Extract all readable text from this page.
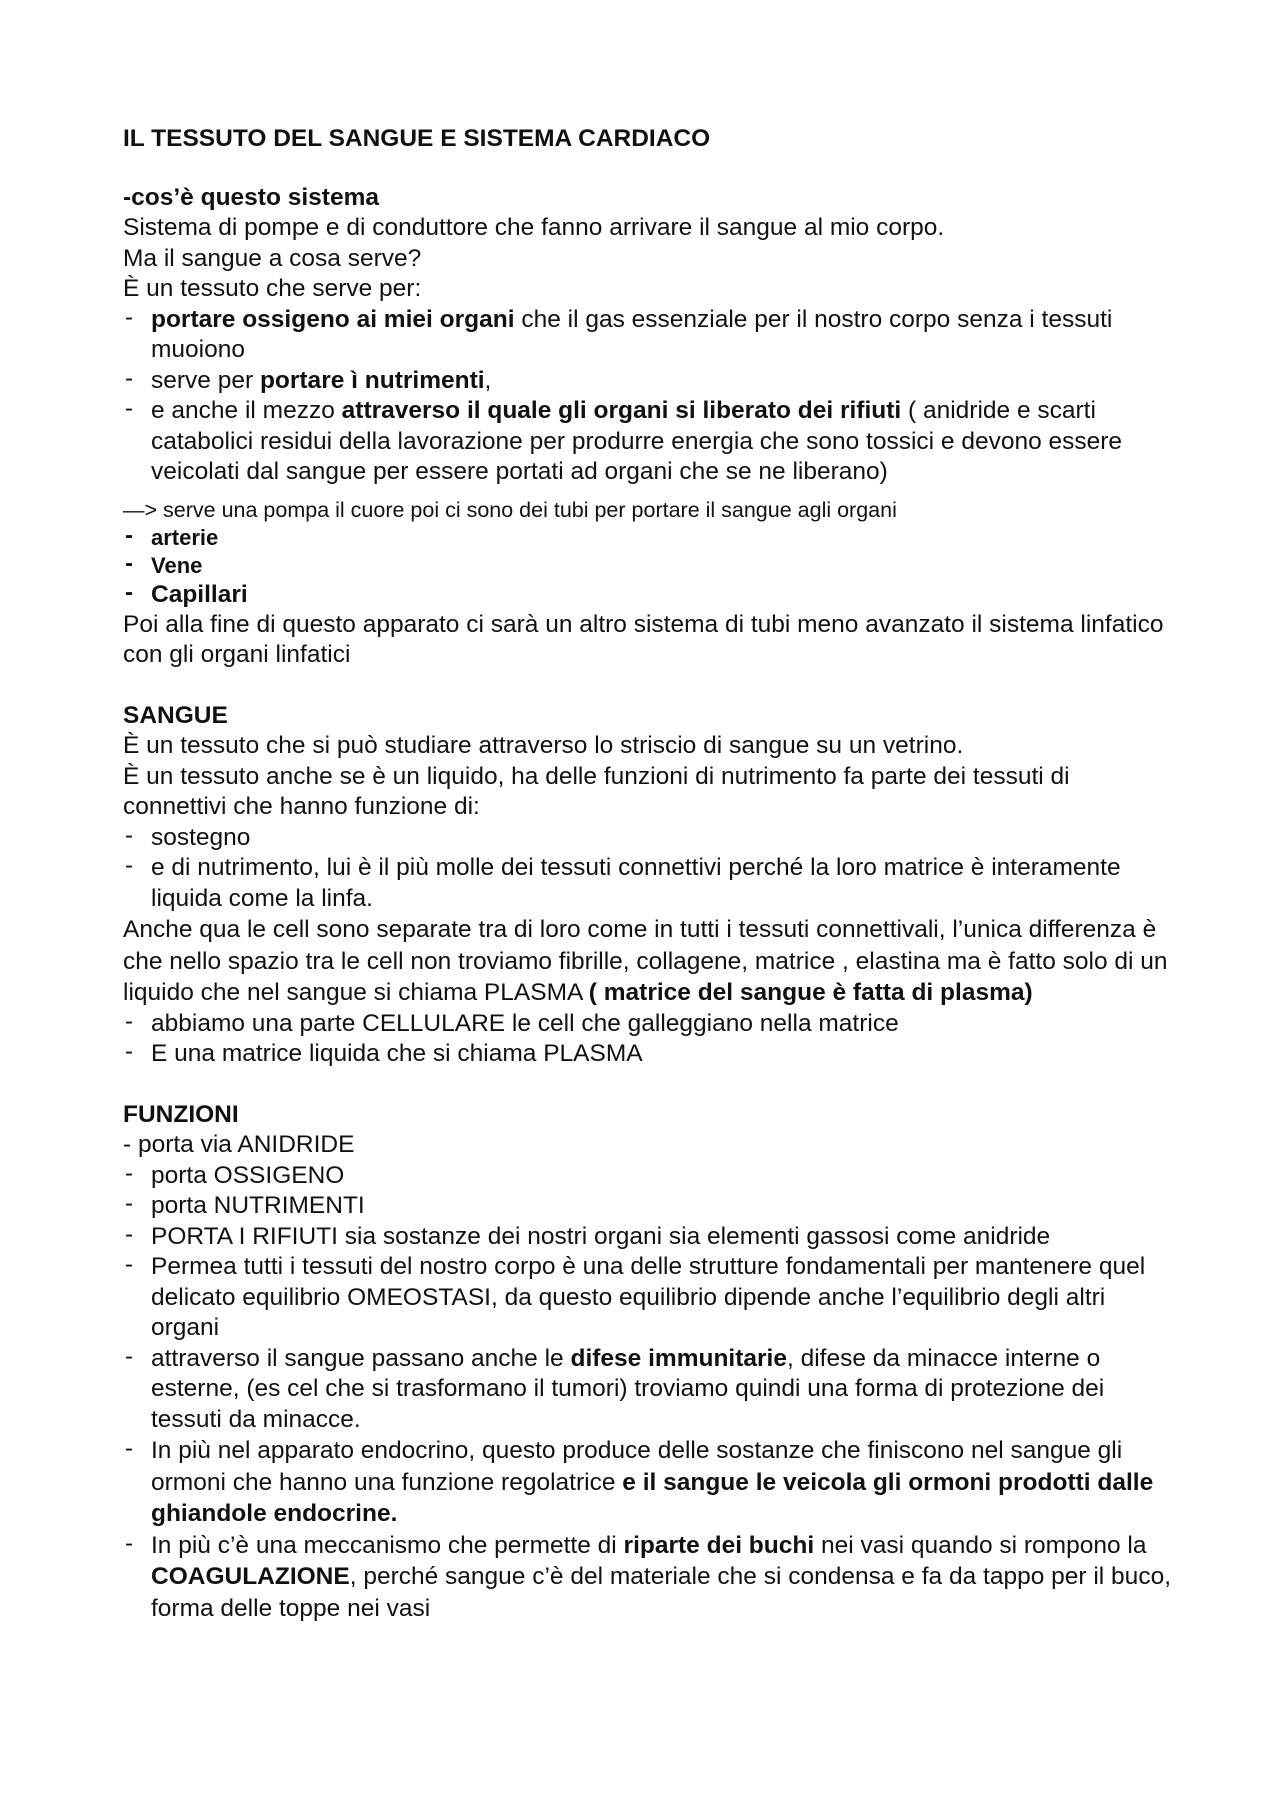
IL TESSUTO DEL SANGUE E SISTEMA CARDIACO

-cos’è questo sistema

Sistema di pompe e di conduttore che fanno arrivare il sangue al mio corpo.

Ma il sangue a cosa serve?

È un tessuto che serve per:

- portare ossigeno ai miei organi che il gas essenziale per il nostro corpo senza i tessuti muoiono
- serve per portare ì nutrimenti,
- e anche il mezzo attraverso il quale gli organi si liberato dei rifiuti ( anidride e scarti catabolici residui della lavorazione per produrre energia che sono tossici e devono essere veicolati dal sangue per essere portati ad organi che se ne liberano)

—> serve una pompa il cuore poi ci sono dei tubi per portare il sangue agli organi

- arterie
- Vene
- Capillari

Poi alla fine di questo apparato ci sarà un altro sistema di tubi meno avanzato il sistema linfatico con gli organi linfatici

SANGUE

È un tessuto che si può studiare attraverso lo striscio di sangue su un vetrino.

È un tessuto anche se è un liquido, ha delle funzioni di nutrimento fa parte dei tessuti di connettivi che hanno funzione di:

- sostegno
- e di nutrimento, lui è il più molle dei tessuti connettivi perché la loro matrice è interamente liquida come la linfa.

Anche qua le cell sono separate tra di loro come in tutti i tessuti connettivali, l’unica differenza è che nello spazio tra le cell non troviamo fibrille, collagene, matrice , elastina ma è fatto solo di un liquido che nel sangue si chiama PLASMA ( matrice del sangue è fatta di plasma)

- abbiamo una parte CELLULARE le cell che galleggiano nella matrice
- E una matrice liquida che si chiama PLASMA

FUNZIONI

- porta via ANIDRIDE

- porta OSSIGENO
- porta NUTRIMENTI
- PORTA I RIFIUTI sia sostanze dei nostri organi sia elementi gassosi come anidride
- Permea tutti i tessuti del nostro corpo è una delle strutture fondamentali per mantenere quel delicato equilibrio OMEOSTASI, da questo equilibrio dipende anche l’equilibrio degli altri organi
- attraverso il sangue passano anche le difese immunitarie, difese da minacce interne o esterne, (es cel che si trasformano il tumori) troviamo quindi una forma di protezione dei tessuti da minacce.
- In più nel apparato endocrino, questo produce delle sostanze che finiscono nel sangue gli ormoni che hanno una funzione regolatrice e il sangue le veicola gli ormoni prodotti dalle ghiandole endocrine.
- In più c’è una meccanismo che permette di riparte dei buchi nei vasi quando si rompono la COAGULAZIONE, perché sangue c’è del materiale che si condensa e fa da tappo per il buco, forma delle toppe nei vasi
